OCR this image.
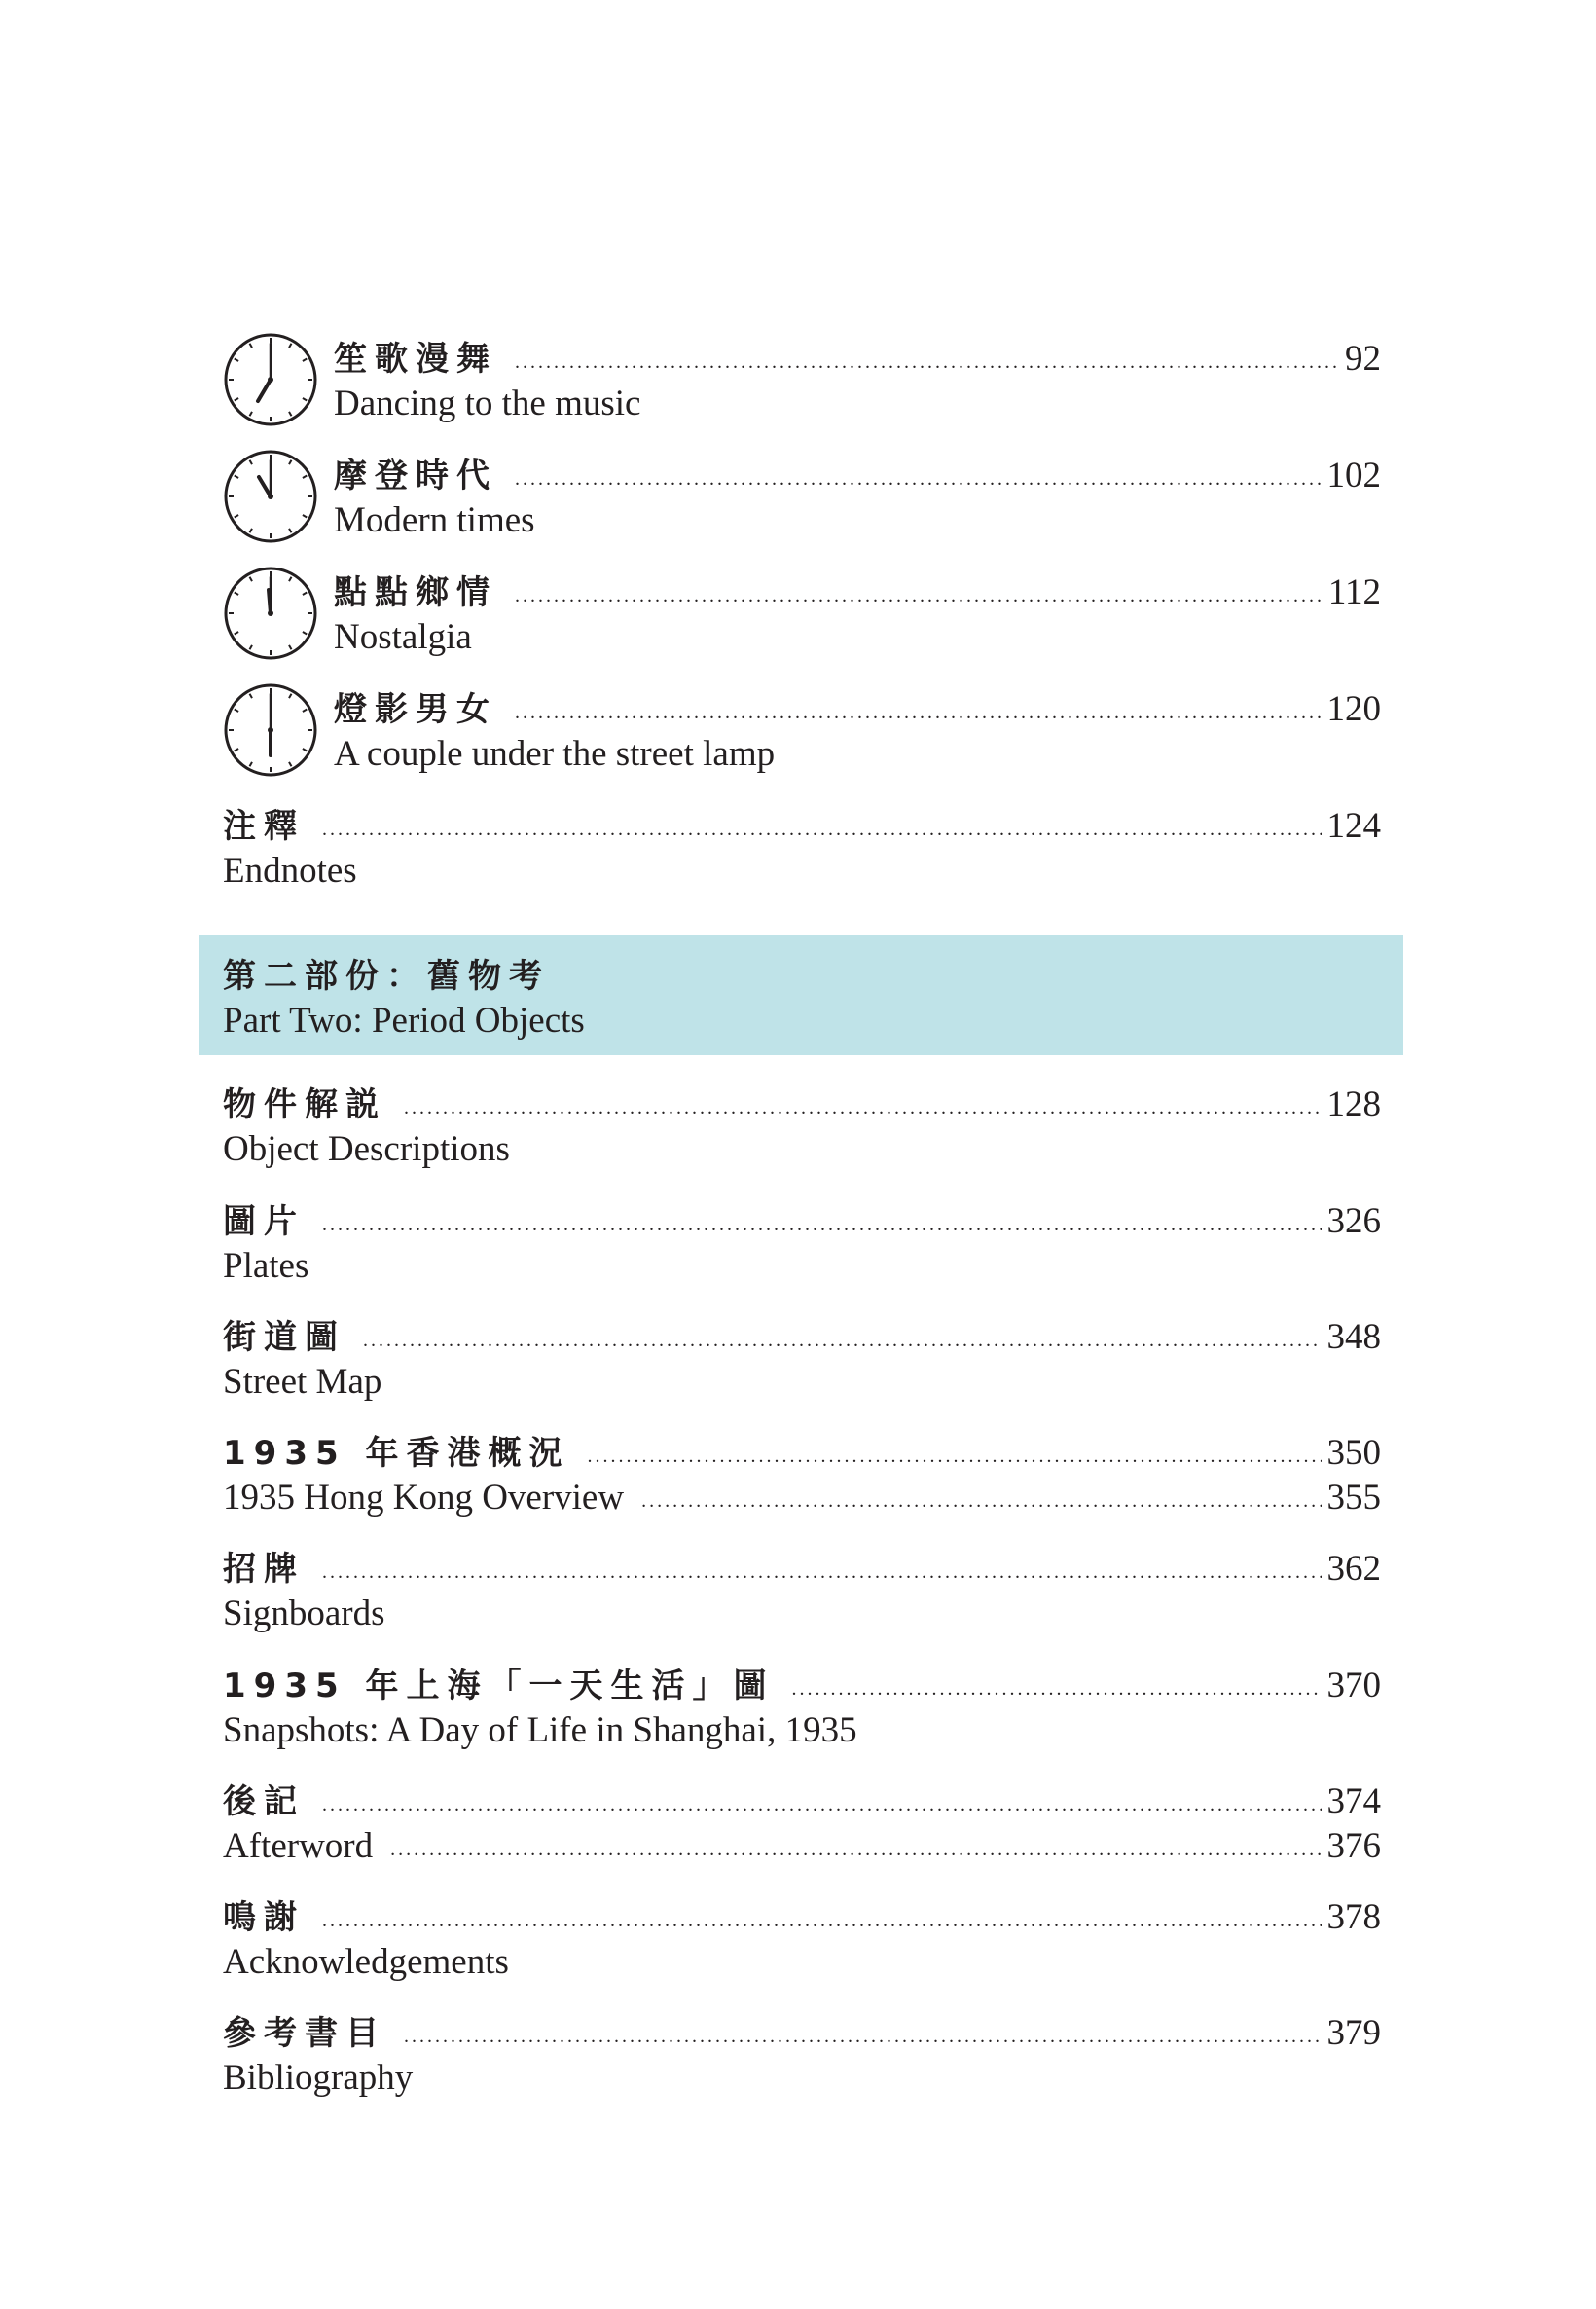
笙歌漫舞 .....	92
Dancing to the music
摩登時代 .....	102
Modern times
點點鄉情 .....	112
Nostalgia
燈影男女 .....	120
A couple under the street lamp
注釋 .....	124
Endnotes
第二部份：舊物考
Part Two: Period Objects
物件解説 .....	128
Object Descriptions
圖片 .....	326
Plates
街道圖 .....	348
Street Map
1935 年香港概況 .....	350
1935 Hong Kong Overview .....	355
招牌 .....	362
Signboards
1935 年上海「一天生活」圖 .....	370
Snapshots: A Day of Life in Shanghai, 1935
後記 .....	374
Afterword .....	376
鳴謝 .....	378
Acknowledgements
參考書目 .....	379
Bibliography
